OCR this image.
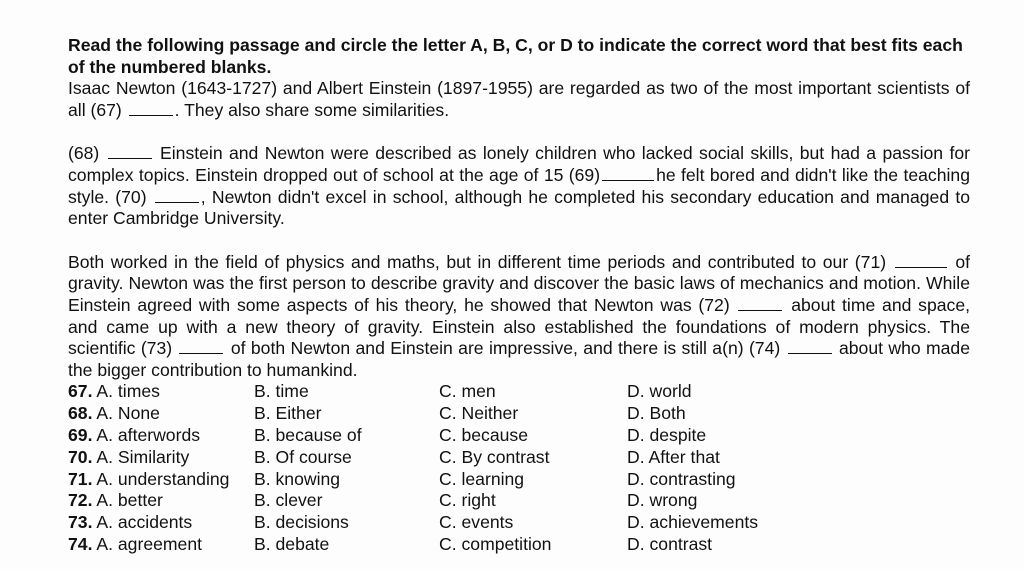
Read the following passage and circle the letter A, B, C, or D to indicate the correct word that best fits each of the numbered blanks.

Isaac Newton (1643-1727) and Albert Einstein (1897-1955) are regarded as two of the most important scientists of all (67)	. They also share some similarities.

(68)	Einstein and Newton were described as lonely children who lacked social skills, but had a passion for complex topics. Einstein dropped out of school at the age of 15 (69)	he felt bored and didn't like the teaching style. (70)	, Newton didn't excel in school, although he completed his secondary education and managed to enter Cambridge University.

Both worked in the field of physics and maths, but in different time periods and contributed to our (71)	of gravity. Newton was the first person to describe gravity and discover the basic laws of mechanics and motion. While Einstein agreed with some aspects of his theory, he showed that Newton was (72)	about time and space, and came up with a new theory of gravity. Einstein also established the foundations of modern physics. The scientific (73)	of both Newton and Einstein are impressive, and there is still a(n) (74)	about who made the bigger contribution to humankind.

67. A. times	B. time	C. men	D. world
68. A. None	B. Either	C. Neither	D. Both
69. A. afterwords	B. because of	C. because	D. despite
70. A. Similarity	B. Of course	C. By contrast	D. After that
71. A. understanding	B. knowing	C. learning	D. contrasting
72. A. better	B. clever	C. right	D. wrong
73. A. accidents	B. decisions	C. events	D. achievements
74. A. agreement	B. debate	C. competition	D. contrast
